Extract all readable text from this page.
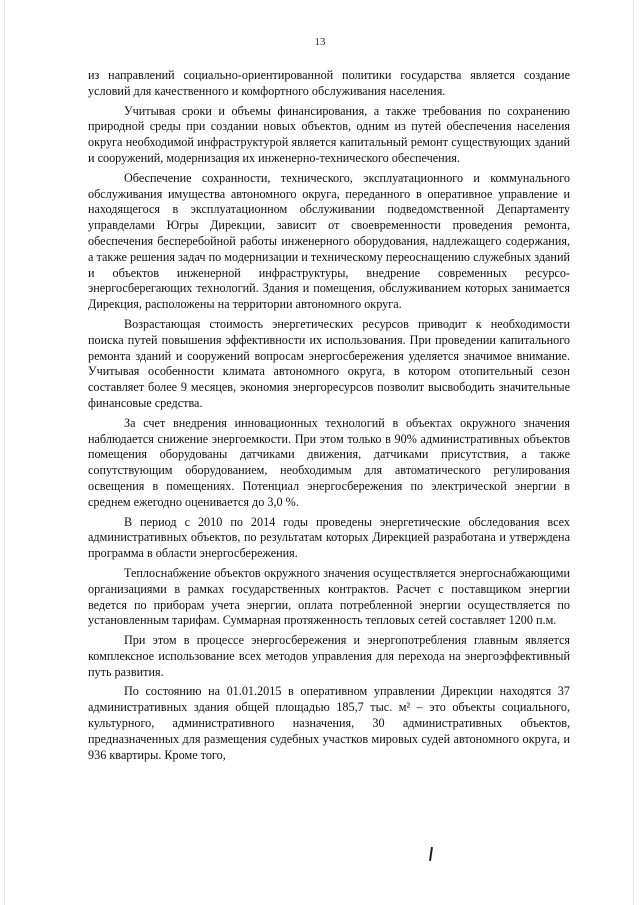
13

из направлений социально-ориентированной политики государства является создание условий для качественного и комфортного обслуживания населения.

Учитывая сроки и объемы финансирования, а также требования по сохранению природной среды при создании новых объектов, одним из путей обеспечения населения округа необходимой инфраструктурой является капитальный ремонт существующих зданий и сооружений, модернизация их инженерно-технического обеспечения.

Обеспечение сохранности, технического, эксплуатационного и коммунального обслуживания имущества автономного округа, переданного в оперативное управление и находящегося в эксплуатационном обслуживании подведомственной Департаменту управделами Югры Дирекции, зависит от своевременности проведения ремонта, обеспечения бесперебойной работы инженерного оборудования, надлежащего содержания, а также решения задач по модернизации и техническому переоснащению служебных зданий и объектов инженерной инфраструктуры, внедрение современных ресурсо-энергосберегающих технологий. Здания и помещения, обслуживанием которых занимается Дирекция, расположены на территории автономного округа.

Возрастающая стоимость энергетических ресурсов приводит к необходимости поиска путей повышения эффективности их использования. При проведении капитального ремонта зданий и сооружений вопросам энергосбережения уделяется значимое внимание. Учитывая особенности климата автономного округа, в котором отопительный сезон составляет более 9 месяцев, экономия энергоресурсов позволит высвободить значительные финансовые средства.

За счет внедрения инновационных технологий в объектах окружного значения наблюдается снижение энергоемкости. При этом только в 90% административных объектов помещения оборудованы датчиками движения, датчиками присутствия, а также сопутствующим оборудованием, необходимым для автоматического регулирования освещения в помещениях. Потенциал энергосбережения по электрической энергии в среднем ежегодно оценивается до 3,0 %.

В период с 2010 по 2014 годы проведены энергетические обследования всех административных объектов, по результатам которых Дирекцией разработана и утверждена программа в области энергосбережения.

Теплоснабжение объектов окружного значения осуществляется энергоснабжающими организациями в рамках государственных контрактов. Расчет с поставщиком энергии ведется по приборам учета энергии, оплата потребленной энергии осуществляется по установленным тарифам. Суммарная протяженность тепловых сетей составляет 1200 п.м.

При этом в процессе энергосбережения и энергопотребления главным является комплексное использование всех методов управления для перехода на энергоэффективный путь развития.

По состоянию на 01.01.2015 в оперативном управлении Дирекции находятся 37 административных здания общей площадью 185,7 тыс. м² – это объекты социального, культурного, административного назначения, 30 административных объектов, предназначенных для размещения судебных участков мировых судей автономного округа, и 936 квартиры. Кроме того,
